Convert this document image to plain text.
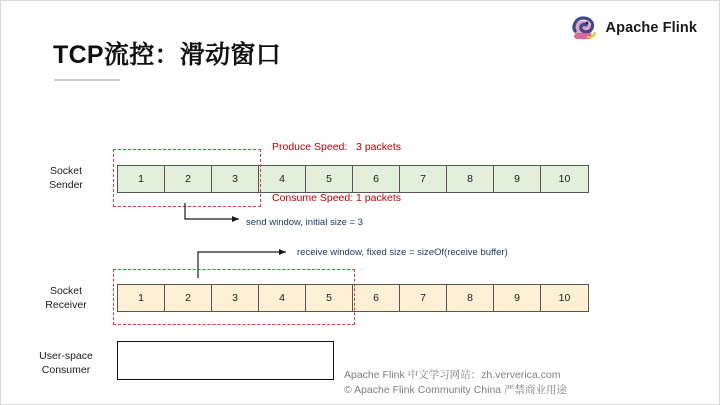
Apache Flink
TCP流控：滑动窗口

Produce Speed:   3 packets

Consume Speed: 1 packets

Socket
Sender	1	2	3	4	5	6	7	8	9	10
send window, initial size = 3
receive window, fixed size = sizeOf(receive buffer)
Socket
Receiver
1	2	3	4	5	6	7	8	9	10
User-space
Consumer	Apache Flink 中文学习网站：zh.ververica.com
© Apache Flink Community China 严禁商业用途
